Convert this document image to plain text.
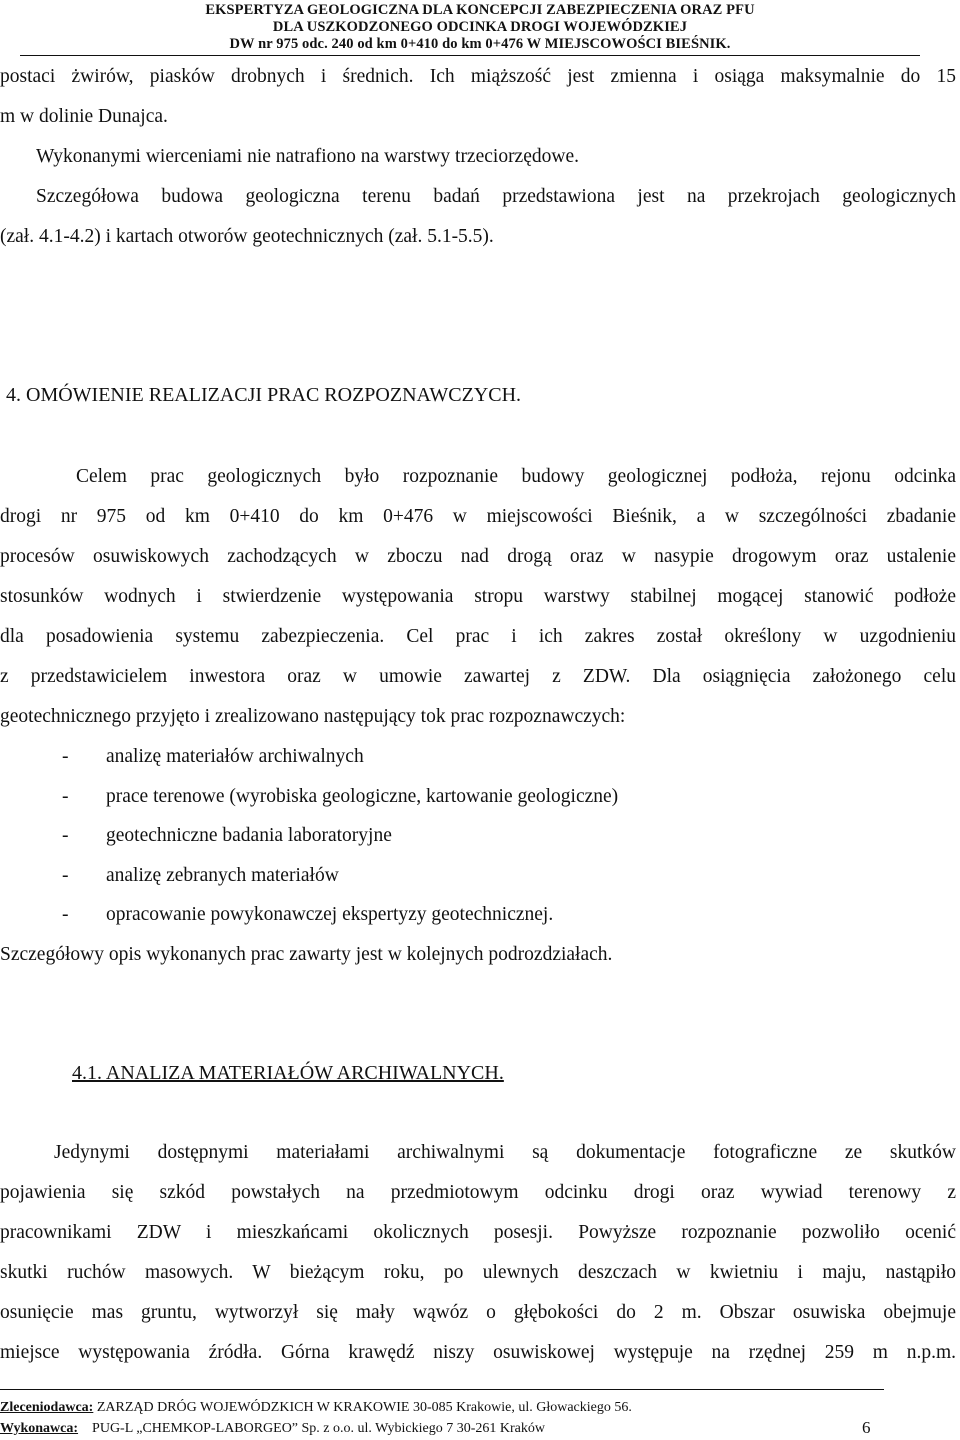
EKSPERTYZA GEOLOGICZNA DLA KONCEPCJI ZABEZPIECZENIA ORAZ PFU
DLA USZKODZONEGO ODCINKA DROGI WOJEWÓDZKIEJ
DW nr 975 odc. 240 od km 0+410 do km 0+476 W MIEJSCOWOŚCI BIEŚNIK.
postaci żwirów, piasków drobnych i średnich. Ich miąższość jest zmienna i osiąga maksymalnie do 15
m w dolinie Dunajca.
Wykonanymi wierceniami nie natrafiono na warstwy trzeciorzędowe.
Szczegółowa budowa geologiczna terenu badań przedstawiona jest na przekrojach geologicznych
(zał. 4.1-4.2) i kartach otworów geotechnicznych (zał. 5.1-5.5).
4. OMÓWIENIE REALIZACJI PRAC ROZPOZNAWCZYCH.
Celem prac geologicznych było rozpoznanie budowy geologicznej podłoża, rejonu odcinka
drogi nr 975 od km 0+410 do km 0+476 w miejscowości Bieśnik, a w szczególności zbadanie
procesów osuwiskowych zachodzących w zboczu nad drogą oraz w nasypie drogowym oraz ustalenie
stosunków wodnych i stwierdzenie występowania stropu warstwy stabilnej mogącej stanowić podłoże
dla posadowienia systemu zabezpieczenia. Cel prac i ich zakres został określony w uzgodnieniu
z przedstawicielem inwestora oraz w umowie zawartej z ZDW. Dla osiągnięcia założonego celu
geotechnicznego przyjęto i zrealizowano następujący tok prac rozpoznawczych:
- analizę materiałów archiwalnych
- prace terenowe (wyrobiska geologiczne, kartowanie geologiczne)
- geotechniczne badania laboratoryjne
- analizę zebranych materiałów
- opracowanie powykonawczej ekspertyzy geotechnicznej.
Szczegółowy opis wykonanych prac zawarty jest w kolejnych podrozdziałach.
4.1. ANALIZA MATERIAŁÓW ARCHIWALNYCH.
Jedynymi dostępnymi materiałami archiwalnymi są dokumentacje fotograficzne ze skutków
pojawienia się szkód powstałych na przedmiotowym odcinku drogi oraz wywiad terenowy z
pracownikami ZDW i mieszkańcami okolicznych posesji. Powyższe rozpoznanie pozwoliło ocenić
skutki ruchów masowych. W bieżącym roku, po ulewnych deszczach w kwietniu i maju, nastąpiło
osunięcie mas gruntu, wytworzył się mały wąwóz o głębokości do 2 m. Obszar osuwiska obejmuje
miejsce występowania źródła. Górna krawędź niszy osuwiskowej występuje na rzędnej 259 m n.p.m.
Zleceniodawca: ZARZĄD DRÓG WOJEWÓDZKICH W KRAKOWIE 30-085 Krakowie, ul. Głowackiego 56.
Wykonawca: PUG-L „CHEMKOP-LABORGEO” Sp. z o.o. ul. Wybickiego 7 30-261 Kraków	6
